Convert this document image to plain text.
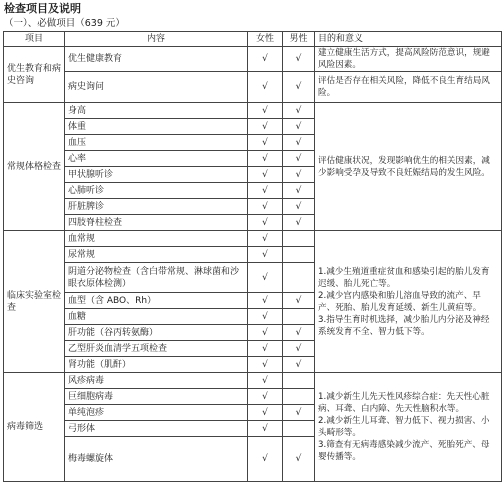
检查项目及说明
（一）、必做项目（639 元）
项目	内容	女性	男性	目的和意义
优生教育和病史咨询	优生健康教育	√	√	建立健康生活方式，提高风险防范意识，规避风险因素。
	病史询问	√	√	评估是否存在相关风险，降低不良生育结局风险。
常规体格检查	身高	√	√	评估健康状况，发现影响优生的相关因素，减少影响受孕及导致不良妊娠结局的发生风险。
	体重	√	√	
	血压	√	√	
	心率	√	√	
	甲状腺听诊	√	√	
	心肺听诊	√	√	
	肝脏脾诊	√	√	
	四肢脊柱检查	√	√	
临床实验室检查	血常规	√		1.减少生殖道重症贫血和感染引起的胎儿发育迟缓、胎儿死亡等。
2.减少宫内感染和胎儿溶血导致的流产、早产、死胎、胎儿发育延缓、新生儿黄疸等。
3.指导生育时机选择，减少胎儿内分泌及神经系统发育不全、智力低下等。
	尿常规	√		
	阴道分泌物检查（含白带常规、淋球菌和沙眼衣原体检测）	√		
	血型（含 ABO、Rh）	√	√	
	血糖	√		
	肝功能（谷丙转氨酶）	√	√	
	乙型肝炎血清学五项检查	√	√	
	肾功能（肌酐）	√	√	
病毒筛选	风疹病毒	√		1.减少新生儿先天性风疹综合症：先天性心脏病、耳聋、白内障、先天性脑积水等。
2.减少新生儿耳聋、智力低下、视力损害、小头畸形等。
3.筛查有无病毒感染减少流产、死胎死产、母婴传播等。
	巨细胞病毒	√		
	单纯泡疹	√	√	
	弓形体	√		
	梅毒螺旋体	√	√	
